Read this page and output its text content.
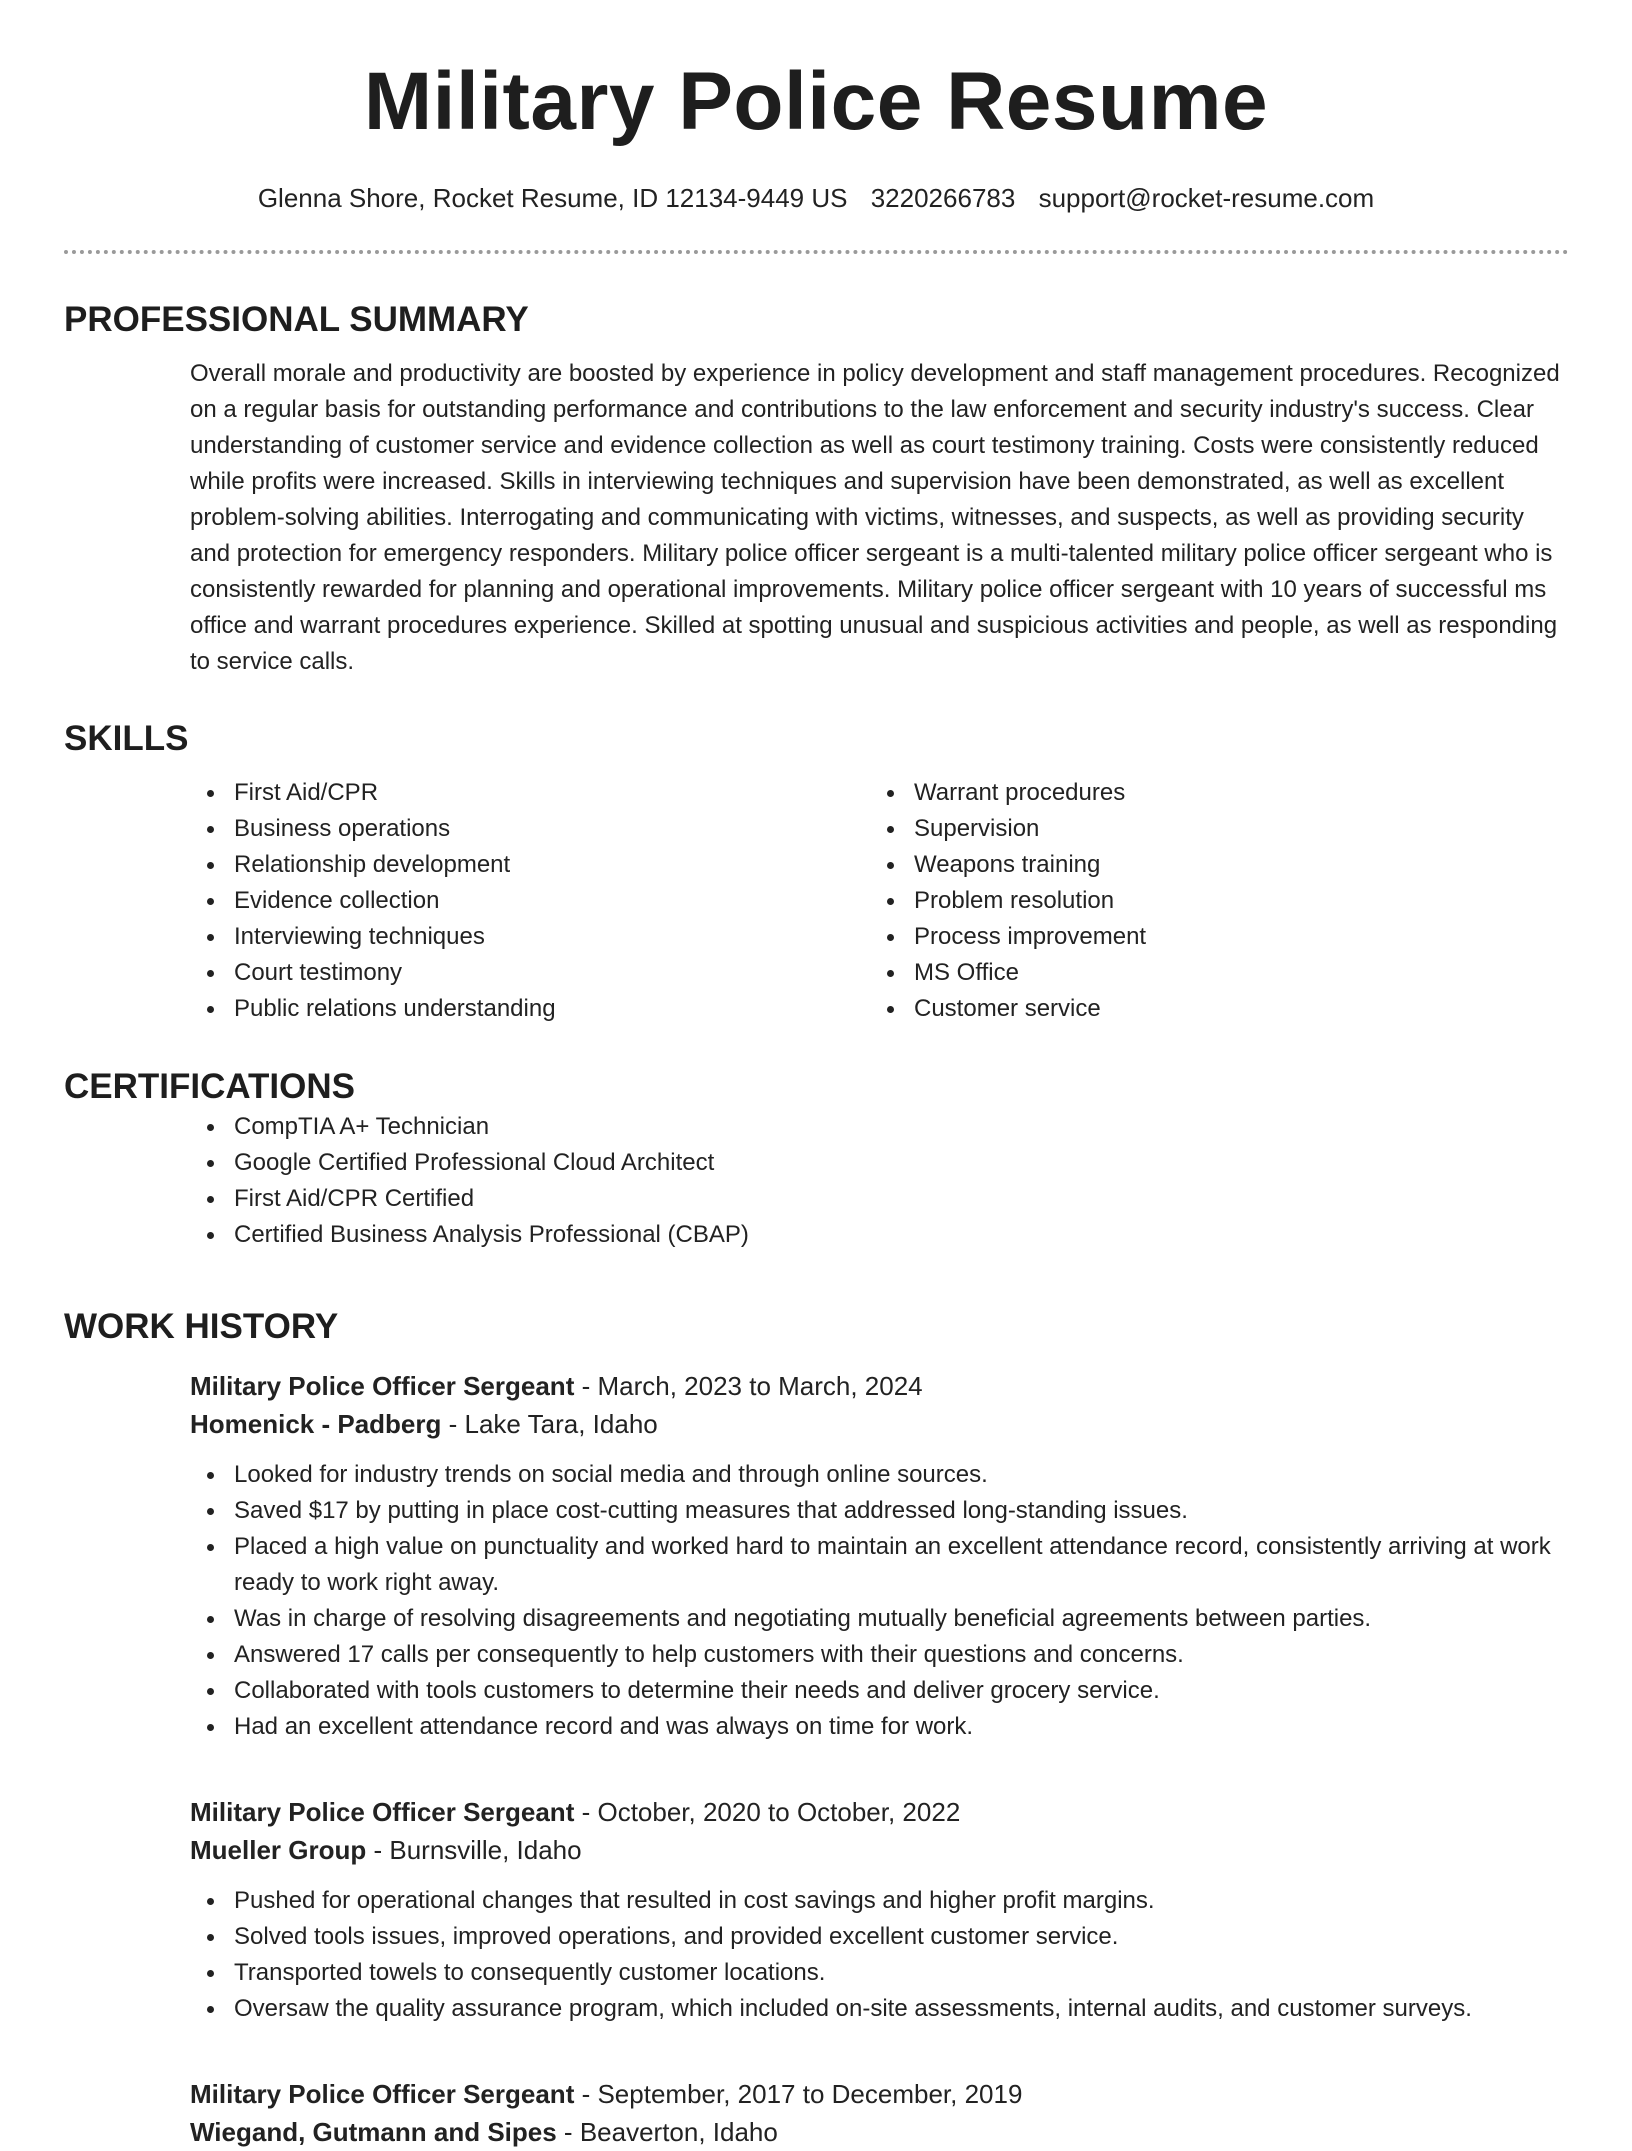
Military Police Resume
Glenna Shore, Rocket Resume, ID 12134-9449 US 3220266783 support@rocket-resume.com
PROFESSIONAL SUMMARY

Overall morale and productivity are boosted by experience in policy development and staff management procedures. Recognized on a regular basis for outstanding performance and contributions to the law enforcement and security industry's success. Clear understanding of customer service and evidence collection as well as court testimony training. Costs were consistently reduced while profits were increased. Skills in interviewing techniques and supervision have been demonstrated, as well as excellent problem-solving abilities. Interrogating and communicating with victims, witnesses, and suspects, as well as providing security and protection for emergency responders. Military police officer sergeant is a multi-talented military police officer sergeant who is consistently rewarded for planning and operational improvements. Military police officer sergeant with 10 years of successful ms office and warrant procedures experience. Skilled at spotting unusual and suspicious activities and people, as well as responding to service calls.

SKILLS
First Aid/CPR
Business operations
Relationship development
Evidence collection
Interviewing techniques
Court testimony
Public relations understanding
Warrant procedures
Supervision
Weapons training
Problem resolution
Process improvement
MS Office
Customer service
CERTIFICATIONS
CompTIA A+ Technician
Google Certified Professional Cloud Architect
First Aid/CPR Certified
Certified Business Analysis Professional (CBAP)
WORK HISTORY
Military Police Officer Sergeant - March, 2023 to March, 2024
Homenick - Padberg - Lake Tara, Idaho
Looked for industry trends on social media and through online sources.
Saved $17 by putting in place cost-cutting measures that addressed long-standing issues.
Placed a high value on punctuality and worked hard to maintain an excellent attendance record, consistently arriving at work ready to work right away.
Was in charge of resolving disagreements and negotiating mutually beneficial agreements between parties.
Answered 17 calls per consequently to help customers with their questions and concerns.
Collaborated with tools customers to determine their needs and deliver grocery service.
Had an excellent attendance record and was always on time for work.
Military Police Officer Sergeant - October, 2020 to October, 2022
Mueller Group - Burnsville, Idaho
Pushed for operational changes that resulted in cost savings and higher profit margins.
Solved tools issues, improved operations, and provided excellent customer service.
Transported towels to consequently customer locations.
Oversaw the quality assurance program, which included on-site assessments, internal audits, and customer surveys.
Military Police Officer Sergeant - September, 2017 to December, 2019
Wiegand, Gutmann and Sipes - Beaverton, Idaho
